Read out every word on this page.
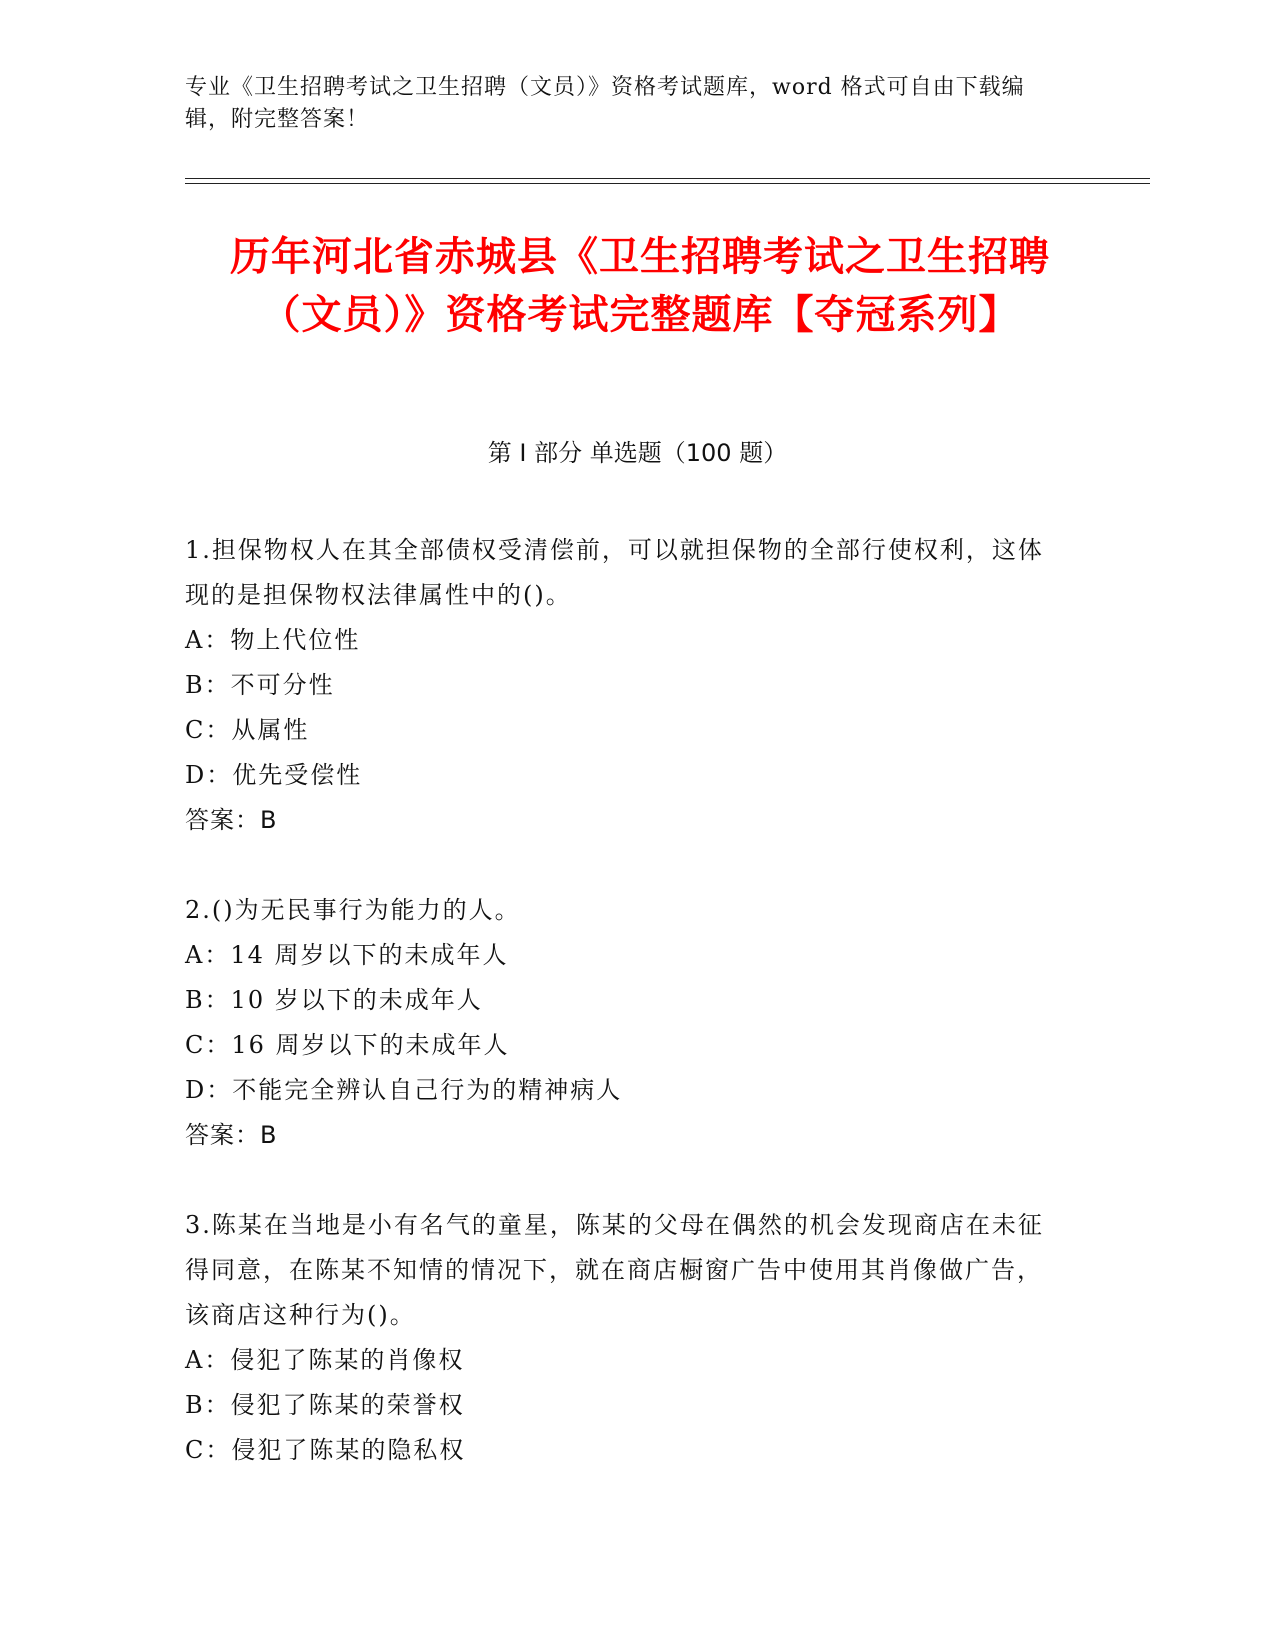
专业《卫生招聘考试之卫生招聘（文员）》资格考试题库，word 格式可自由下载编辑，附完整答案！
历年河北省赤城县《卫生招聘考试之卫生招聘（文员）》资格考试完整题库【夺冠系列】
第 I 部分 单选题（100 题）
1.担保物权人在其全部债权受清偿前，可以就担保物的全部行使权利，这体现的是担保物权法律属性中的()。
A：物上代位性
B：不可分性
C：从属性
D：优先受偿性
答案：B
2.()为无民事行为能力的人。
A：14 周岁以下的未成年人
B：10 岁以下的未成年人
C：16 周岁以下的未成年人
D：不能完全辨认自己行为的精神病人
答案：B
3.陈某在当地是小有名气的童星，陈某的父母在偶然的机会发现商店在未征得同意，在陈某不知情的情况下，就在商店橱窗广告中使用其肖像做广告，该商店这种行为()。
A：侵犯了陈某的肖像权
B：侵犯了陈某的荣誉权
C：侵犯了陈某的隐私权
